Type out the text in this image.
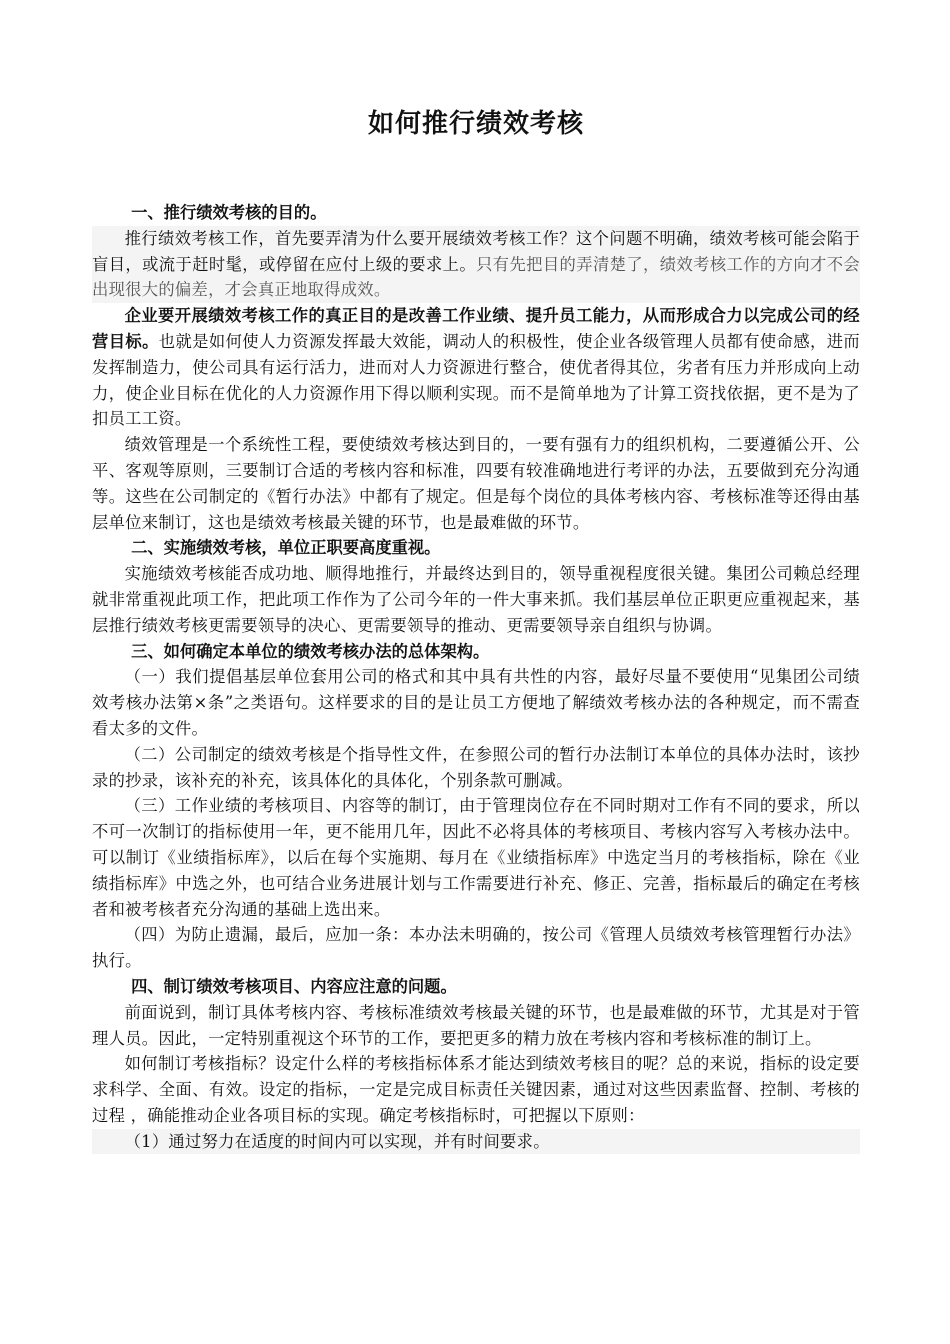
如何推行绩效考核

一、推行绩效考核的目的。

推行绩效考核工作，首先要弄清为什么要开展绩效考核工作？这个问题不明确，绩效考核可能会陷于盲目，或流于赶时髦，或停留在应付上级的要求上。只有先把目的弄清楚了，绩效考核工作的方向才不会出现很大的偏差，才会真正地取得成效。

企业要开展绩效考核工作的真正目的是改善工作业绩、提升员工能力，从而形成合力以完成公司的经营目标。也就是如何使人力资源发挥最大效能，调动人的积极性，使企业各级管理人员都有使命感，进而发挥制造力，使公司具有运行活力，进而对人力资源进行整合，使优者得其位，劣者有压力并形成向上动力，使企业目标在优化的人力资源作用下得以顺利实现。而不是简单地为了计算工资找依据，更不是为了扣员工工资。

绩效管理是一个系统性工程，要使绩效考核达到目的，一要有强有力的组织机构，二要遵循公开、公平、客观等原则，三要制订合适的考核内容和标准，四要有较准确地进行考评的办法，五要做到充分沟通等。这些在公司制定的《暂行办法》中都有了规定。但是每个岗位的具体考核内容、考核标准等还得由基层单位来制订，这也是绩效考核最关键的环节，也是最难做的环节。

二、实施绩效考核，单位正职要高度重视。

实施绩效考核能否成功地、顺得地推行，并最终达到目的，领导重视程度很关键。集团公司赖总经理就非常重视此项工作，把此项工作作为了公司今年的一件大事来抓。我们基层单位正职更应重视起来，基层推行绩效考核更需要领导的决心、更需要领导的推动、更需要领导亲自组织与协调。

三、如何确定本单位的绩效考核办法的总体架构。

（一）我们提倡基层单位套用公司的格式和其中具有共性的内容，最好尽量不要使用“见集团公司绩效考核办法第×条”之类语句。这样要求的目的是让员工方便地了解绩效考核办法的各种规定，而不需查看太多的文件。

（二）公司制定的绩效考核是个指导性文件，在参照公司的暂行办法制订本单位的具体办法时，该抄录的抄录，该补充的补充，该具体化的具体化，个别条款可删减。

（三）工作业绩的考核项目、内容等的制订，由于管理岗位存在不同时期对工作有不同的要求，所以不可一次制订的指标使用一年，更不能用几年，因此不必将具体的考核项目、考核内容写入考核办法中。可以制订《业绩指标库》，以后在每个实施期、每月在《业绩指标库》中选定当月的考核指标，除在《业绩指标库》中选之外，也可结合业务进展计划与工作需要进行补充、修正、完善，指标最后的确定在考核者和被考核者充分沟通的基础上选出来。

（四）为防止遗漏，最后，应加一条：本办法未明确的，按公司《管理人员绩效考核管理暂行办法》执行。

四、制订绩效考核项目、内容应注意的问题。

前面说到，制订具体考核内容、考核标准绩效考核最关键的环节，也是最难做的环节，尤其是对于管理人员。因此，一定特别重视这个环节的工作，要把更多的精力放在考核内容和考核标准的制订上。

如何制订考核指标？设定什么样的考核指标体系才能达到绩效考核目的呢？总的来说，指标的设定要求科学、全面、有效。设定的指标，一定是完成目标责任关键因素，通过对这些因素监督、控制、考核的过程 ，确能推动企业各项目标的实现。确定考核指标时，可把握以下原则：

（1）通过努力在适度的时间内可以实现，并有时间要求。
